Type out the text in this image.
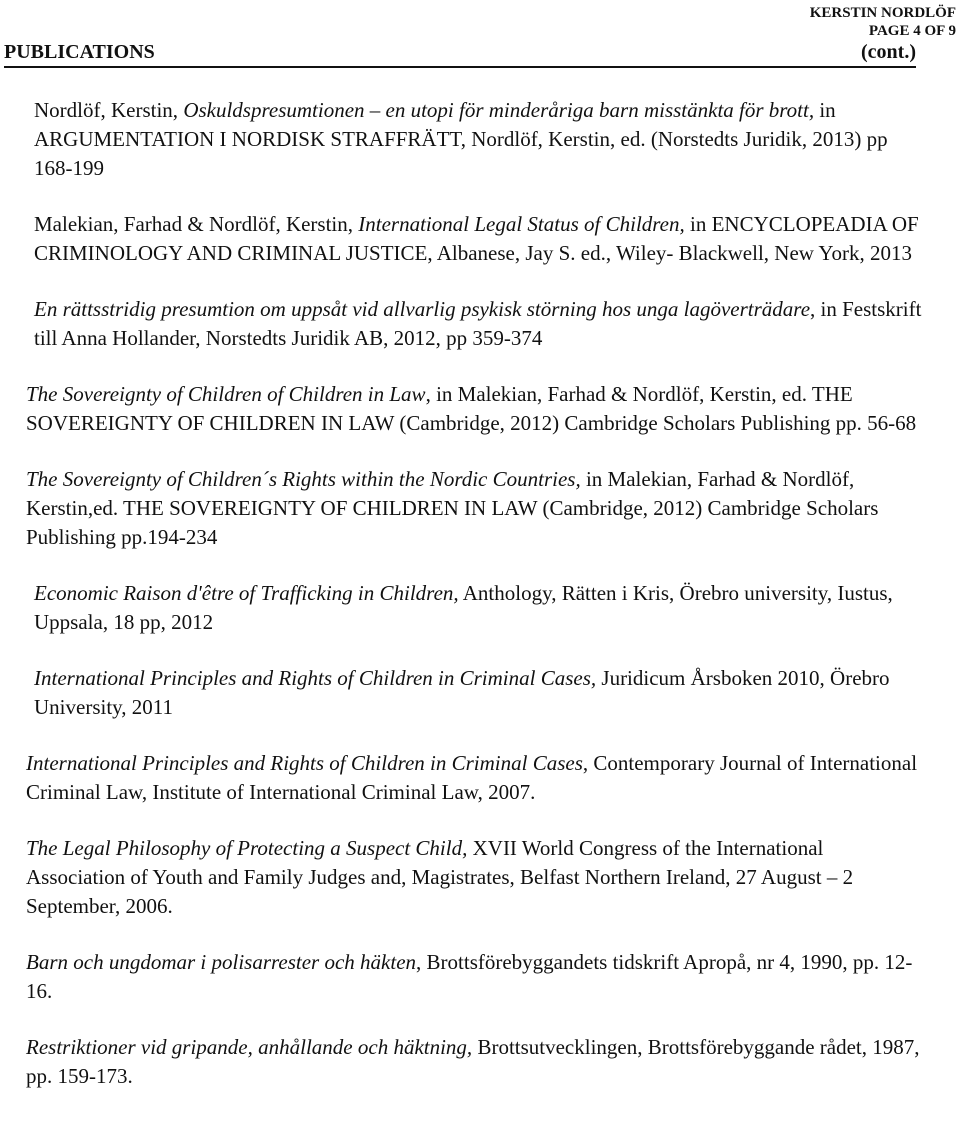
KERSTIN NORDLÖF
PAGE 4 OF 9
PUBLICATIONS	(cont.)

Nordlöf, Kerstin, Oskuldspresumtionen – en utopi för minderåriga barn misstänkta för brott, in ARGUMENTATION I NORDISK STRAFFRÄTT, Nordlöf, Kerstin, ed. (Norstedts Juridik, 2013) pp 168-199

Malekian, Farhad & Nordlöf, Kerstin, International Legal Status of Children, in ENCYCLOPEADIA OF CRIMINOLOGY AND CRIMINAL JUSTICE, Albanese, Jay S. ed., Wiley- Blackwell, New York, 2013

En rättsstridig presumtion om uppsåt vid allvarlig psykisk störning hos unga lagöverträdare, in Festskrift till Anna Hollander, Norstedts Juridik AB, 2012, pp 359-374

The Sovereignty of Children of Children in Law, in Malekian, Farhad & Nordlöf, Kerstin, ed. THE SOVEREIGNTY OF CHILDREN IN LAW (Cambridge, 2012) Cambridge Scholars Publishing pp. 56-68

The Sovereignty of Children´s Rights within the Nordic Countries, in Malekian, Farhad & Nordlöf, Kerstin,ed. THE SOVEREIGNTY OF CHILDREN IN LAW (Cambridge, 2012) Cambridge Scholars Publishing pp.194-234

Economic Raison d'être of Trafficking in Children, Anthology, Rätten i Kris, Örebro university, Iustus, Uppsala, 18 pp, 2012

International Principles and Rights of Children in Criminal Cases, Juridicum Årsboken 2010, Örebro University, 2011

International Principles and Rights of Children in Criminal Cases, Contemporary Journal of International Criminal Law, Institute of International Criminal Law, 2007.

The Legal Philosophy of Protecting a Suspect Child, XVII World Congress of the International Association of Youth and Family Judges and, Magistrates, Belfast Northern Ireland, 27 August – 2 September, 2006.

Barn och ungdomar i polisarrester och häkten, Brottsförebyggandets tidskrift Apropå, nr 4, 1990, pp. 12-16.

Restriktioner vid gripande, anhållande och häktning, Brottsutvecklingen, Brottsförebyggande rådet, 1987, pp. 159-173.
